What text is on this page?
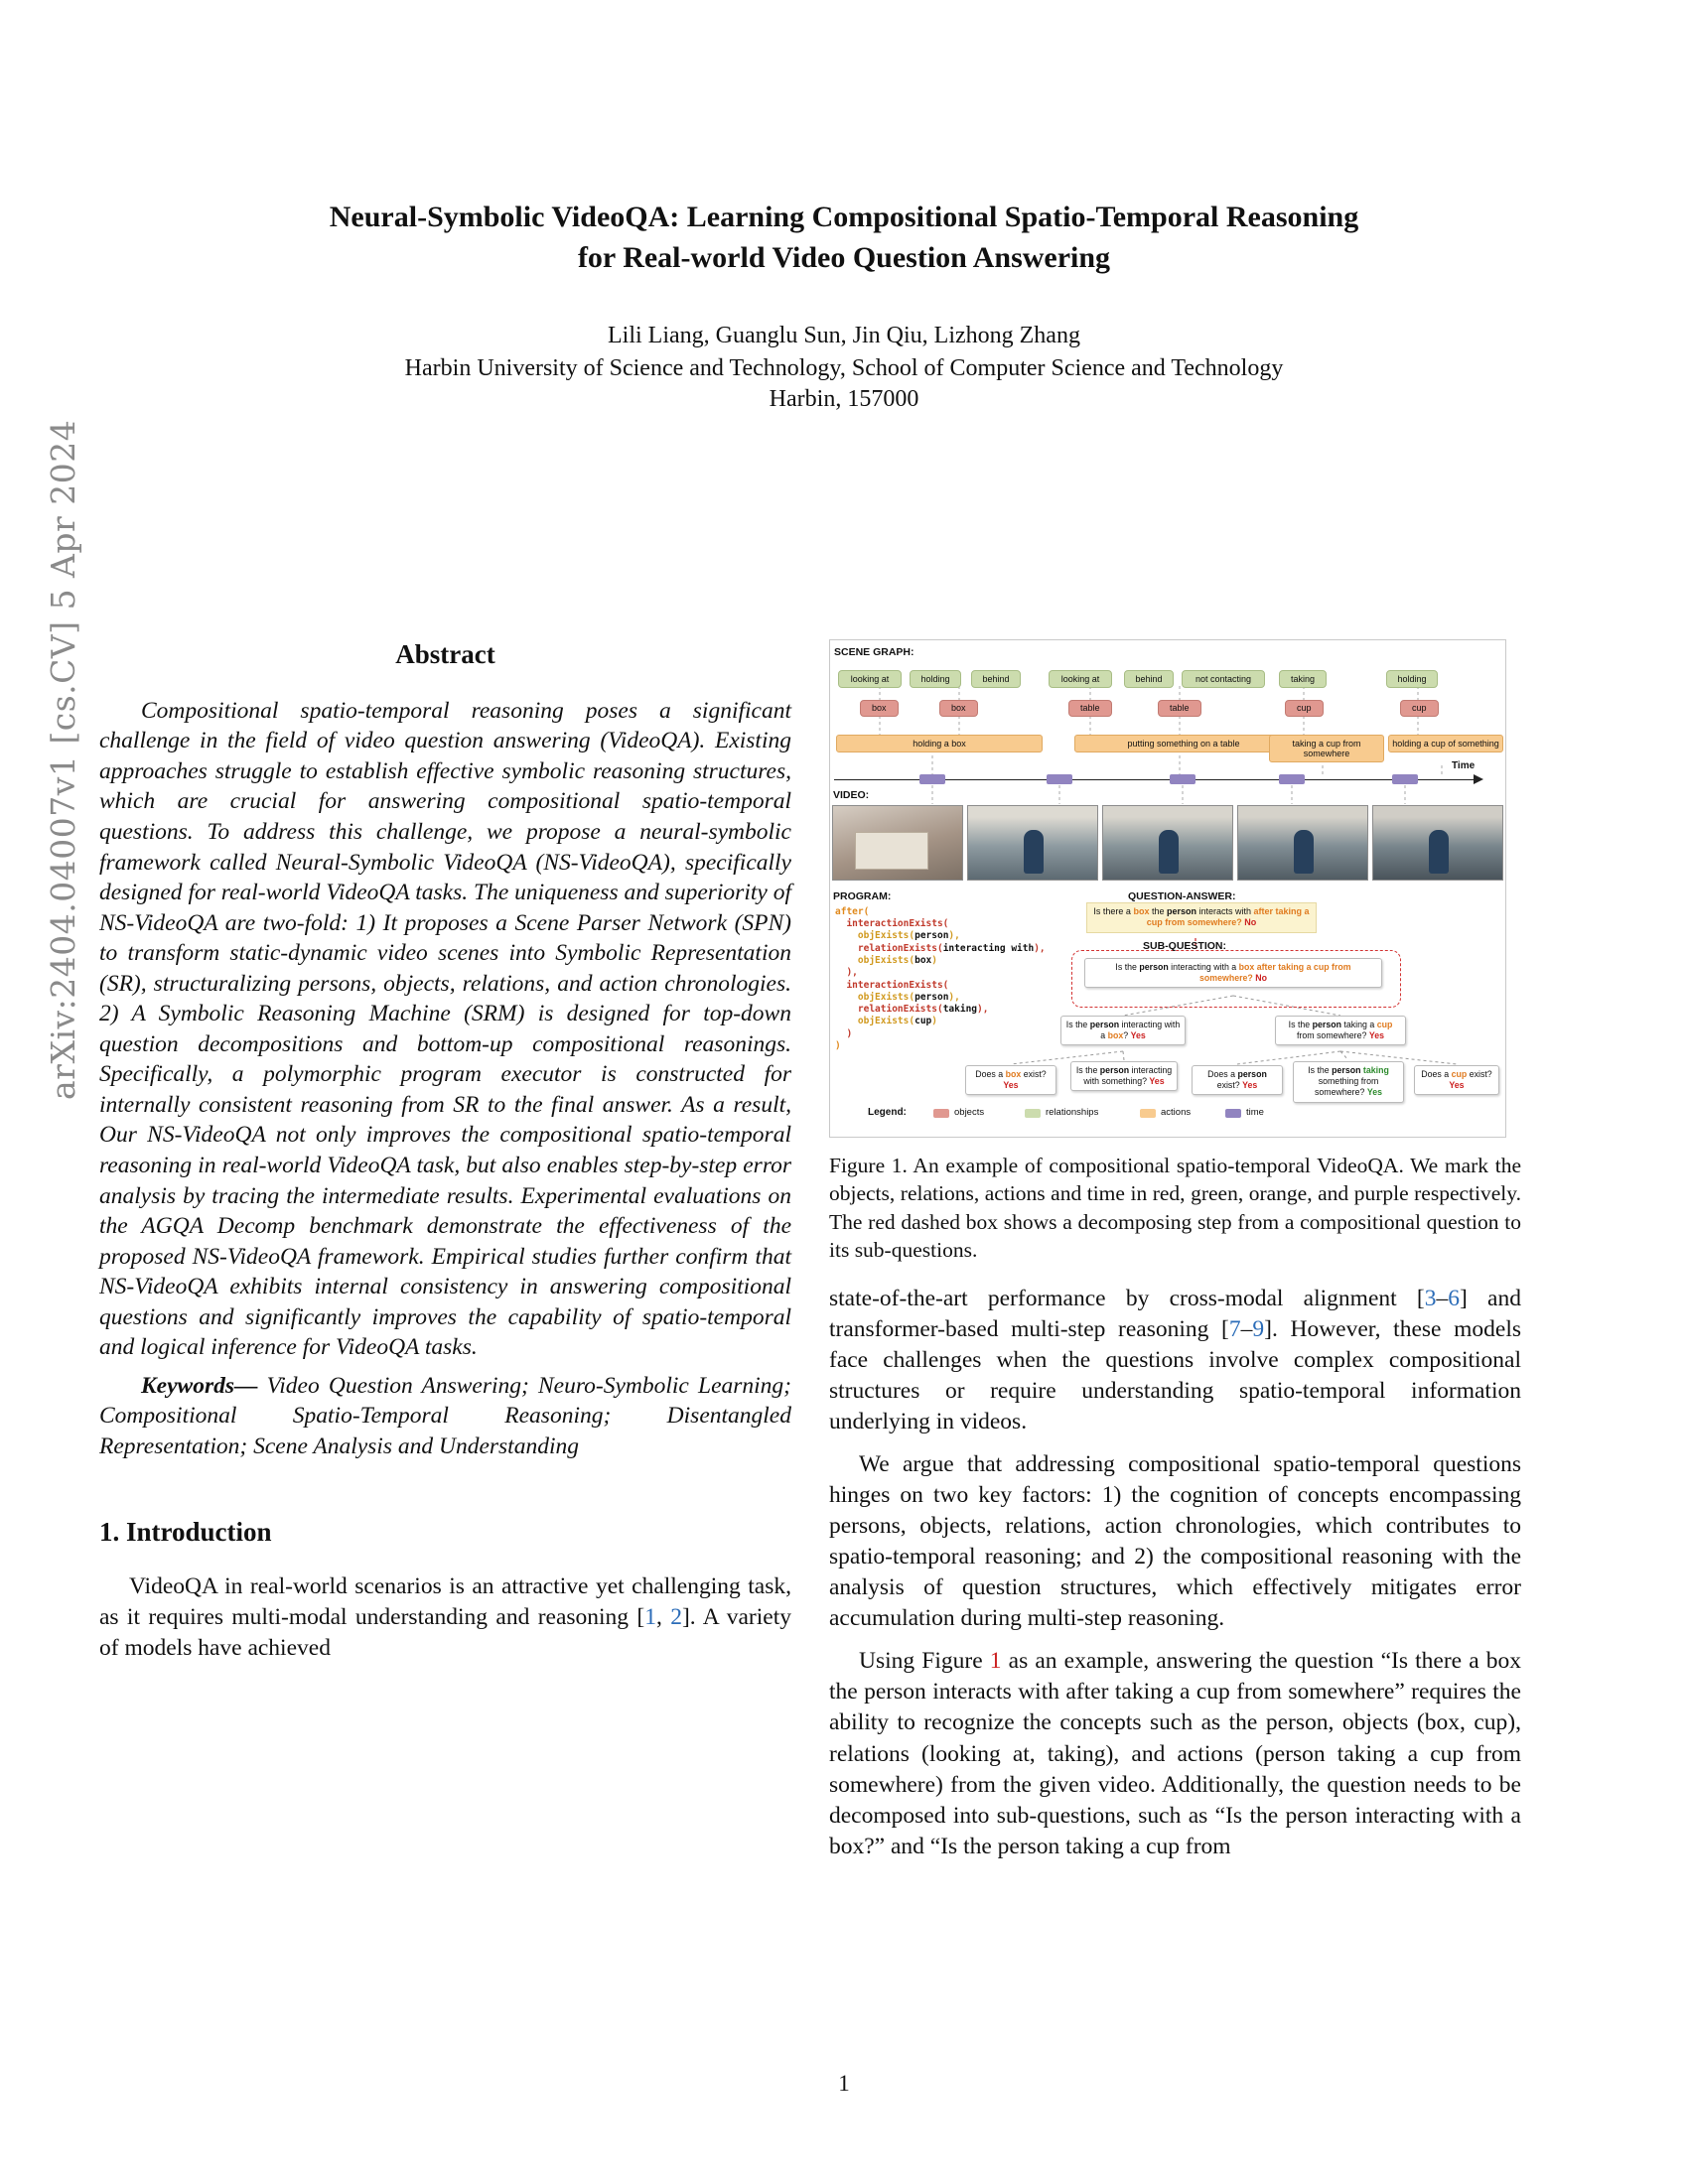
arXiv:2404.04007v1 [cs.CV] 5 Apr 2024
Neural-Symbolic VideoQA: Learning Compositional Spatio-Temporal Reasoning
for Real-world Video Question Answering
Lili Liang, Guanglu Sun, Jin Qiu, Lizhong Zhang
Harbin University of Science and Technology, School of Computer Science and Technology
Harbin, 157000
Abstract

Compositional spatio-temporal reasoning poses a significant challenge in the field of video question answering (VideoQA). Existing approaches struggle to establish effective symbolic reasoning structures, which are crucial for answering compositional spatio-temporal questions. To address this challenge, we propose a neural-symbolic framework called Neural-Symbolic VideoQA (NS-VideoQA), specifically designed for real-world VideoQA tasks. The uniqueness and superiority of NS-VideoQA are two-fold: 1) It proposes a Scene Parser Network (SPN) to transform static-dynamic video scenes into Symbolic Representation (SR), structuralizing persons, objects, relations, and action chronologies. 2) A Symbolic Reasoning Machine (SRM) is designed for top-down question decompositions and bottom-up compositional reasonings. Specifically, a polymorphic program executor is constructed for internally consistent reasoning from SR to the final answer. As a result, Our NS-VideoQA not only improves the compositional spatio-temporal reasoning in real-world VideoQA task, but also enables step-by-step error analysis by tracing the intermediate results. Experimental evaluations on the AGQA Decomp benchmark demonstrate the effectiveness of the proposed NS-VideoQA framework. Empirical studies further confirm that NS-VideoQA exhibits internal consistency in answering compositional questions and significantly improves the capability of spatio-temporal and logical inference for VideoQA tasks.

Keywords— Video Question Answering; Neuro-Symbolic Learning; Compositional Spatio-Temporal Reasoning; Disentangled Representation; Scene Analysis and Understanding

1. Introduction

VideoQA in real-world scenarios is an attractive yet challenging task, as it requires multi-modal understanding and reasoning [1, 2]. A variety of models have achieved

SCENE GRAPH:
looking at	holding	behind	looking at	behind	not contacting	taking	holding
box	box	table	table	cup	cup
holding a box	putting something on a table	taking a cup from somewhere
holding a cup of something
Time
VIDEO:
PROGRAM:
after(
interactionExists(
objExists(person),
relationExists(interacting with),
objExists(box)
),
interactionExists(
objExists(person),
relationExists(taking),
objExists(cup)
)
)
QUESTION-ANSWER:
Is there a box the person interacts with after taking a cup from somewhere? No
SUB-QUESTION:
Is the person interacting with a box after taking a cup from somewhere? No
Is the person interacting with a box? Yes
Is the person taking a cup from somewhere? Yes
Does a box exist? Yes
Is the person interacting with something? Yes
Does a person exist? Yes
Is the person taking something from somewhere? Yes
Does a cup exist? Yes
Legend:	objects	relationships	actions	time
Figure 1. An example of compositional spatio-temporal VideoQA. We mark the objects, relations, actions and time in red, green, orange, and purple respectively. The red dashed box shows a decomposing step from a compositional question to its sub-questions.

state-of-the-art performance by cross-modal alignment [3–6] and transformer-based multi-step reasoning [7–9]. However, these models face challenges when the questions involve complex compositional structures or require understanding spatio-temporal information underlying in videos.

We argue that addressing compositional spatio-temporal questions hinges on two key factors: 1) the cognition of concepts encompassing persons, objects, relations, action chronologies, which contributes to spatio-temporal reasoning; and 2) the compositional reasoning with the analysis of question structures, which effectively mitigates error accumulation during multi-step reasoning.

Using Figure 1 as an example, answering the question “Is there a box the person interacts with after taking a cup from somewhere” requires the ability to recognize the concepts such as the person, objects (box, cup), relations (looking at, taking), and actions (person taking a cup from somewhere) from the given video. Additionally, the question needs to be decomposed into sub-questions, such as “Is the person interacting with a box?” and “Is the person taking a cup from

1
